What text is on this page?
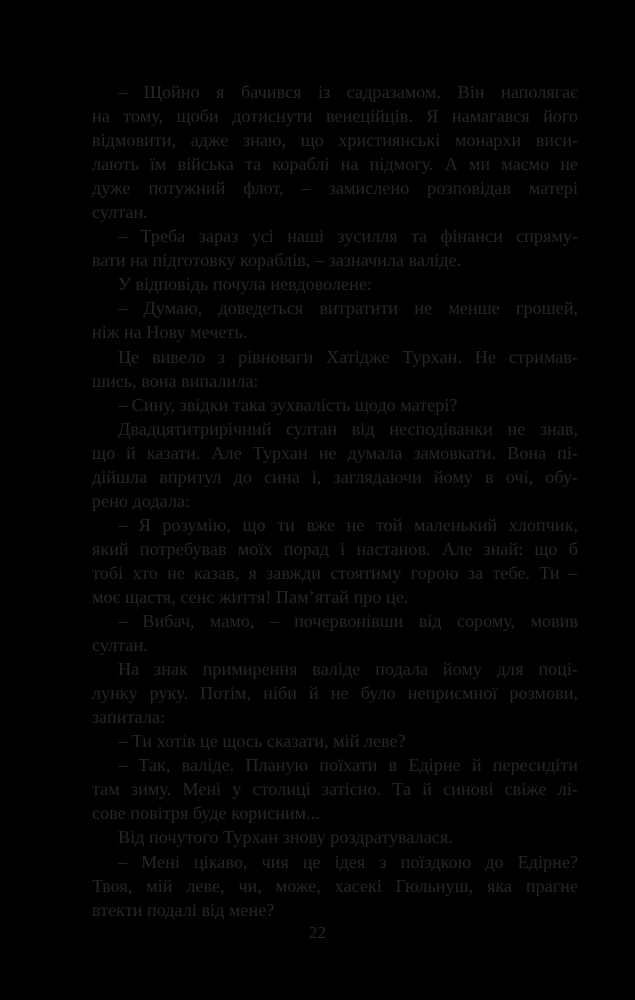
– Щойно я бачився із садразамом. Він наполягає
на тому, щоби дотиснути венеційців. Я намагався його
відмовити, адже знаю, що християнські монархи виси-
лають їм війська та кораблі на підмогу. А ми маємо не
дуже потужний флот, – замислено розповідав матері
султан.
– Треба зараз усі наші зусилля та фінанси спряму-
вати на підготовку кораблів, – зазначила валіде.
У відповідь почула невдоволене:
– Думаю, доведеться витратити не менше грошей,
ніж на Нову мечеть.
Це вивело з рівноваги Хатідже Турхан. Не стримав-
шись, вона випалила:
– Сину, звідки така зухвалість щодо матері?
Двадцятитрирічний султан від несподіванки не знав,
що й казати. Але Турхан не думала замовкати. Вона пі-
дійшла впритул до сина і, заглядаючи йому в очі, обу-
рено додала:
– Я розумію, що ти вже не той маленький хлопчик,
який потребував моїх порад і настанов. Але знай: що б
тобі хто не казав, я завжди стоятиму горою за тебе. Ти –
моє щастя, сенс життя! Пам’ятай про це.
– Вибач, мамо, – почервонівши від сорому, мовив
султан.
На знак примирення валіде подала йому для поці-
лунку руку. Потім, ніби й не було неприємної розмови,
запитала:
– Ти хотів це щось сказати, мій леве?
– Так, валіде. Планую поїхати в Едірне й пересидіти
там зиму. Мені у столиці затісно. Та й синові свіже лі-
сове повітря буде корисним...
Від почутого Турхан знову роздратувалася.
– Мені цікаво, чия це ідея з поїздкою до Едірне?
Твоя, мій леве, чи, може, хасекі Гюльнуш, яка прагне
втекти подалі від мене?
22
